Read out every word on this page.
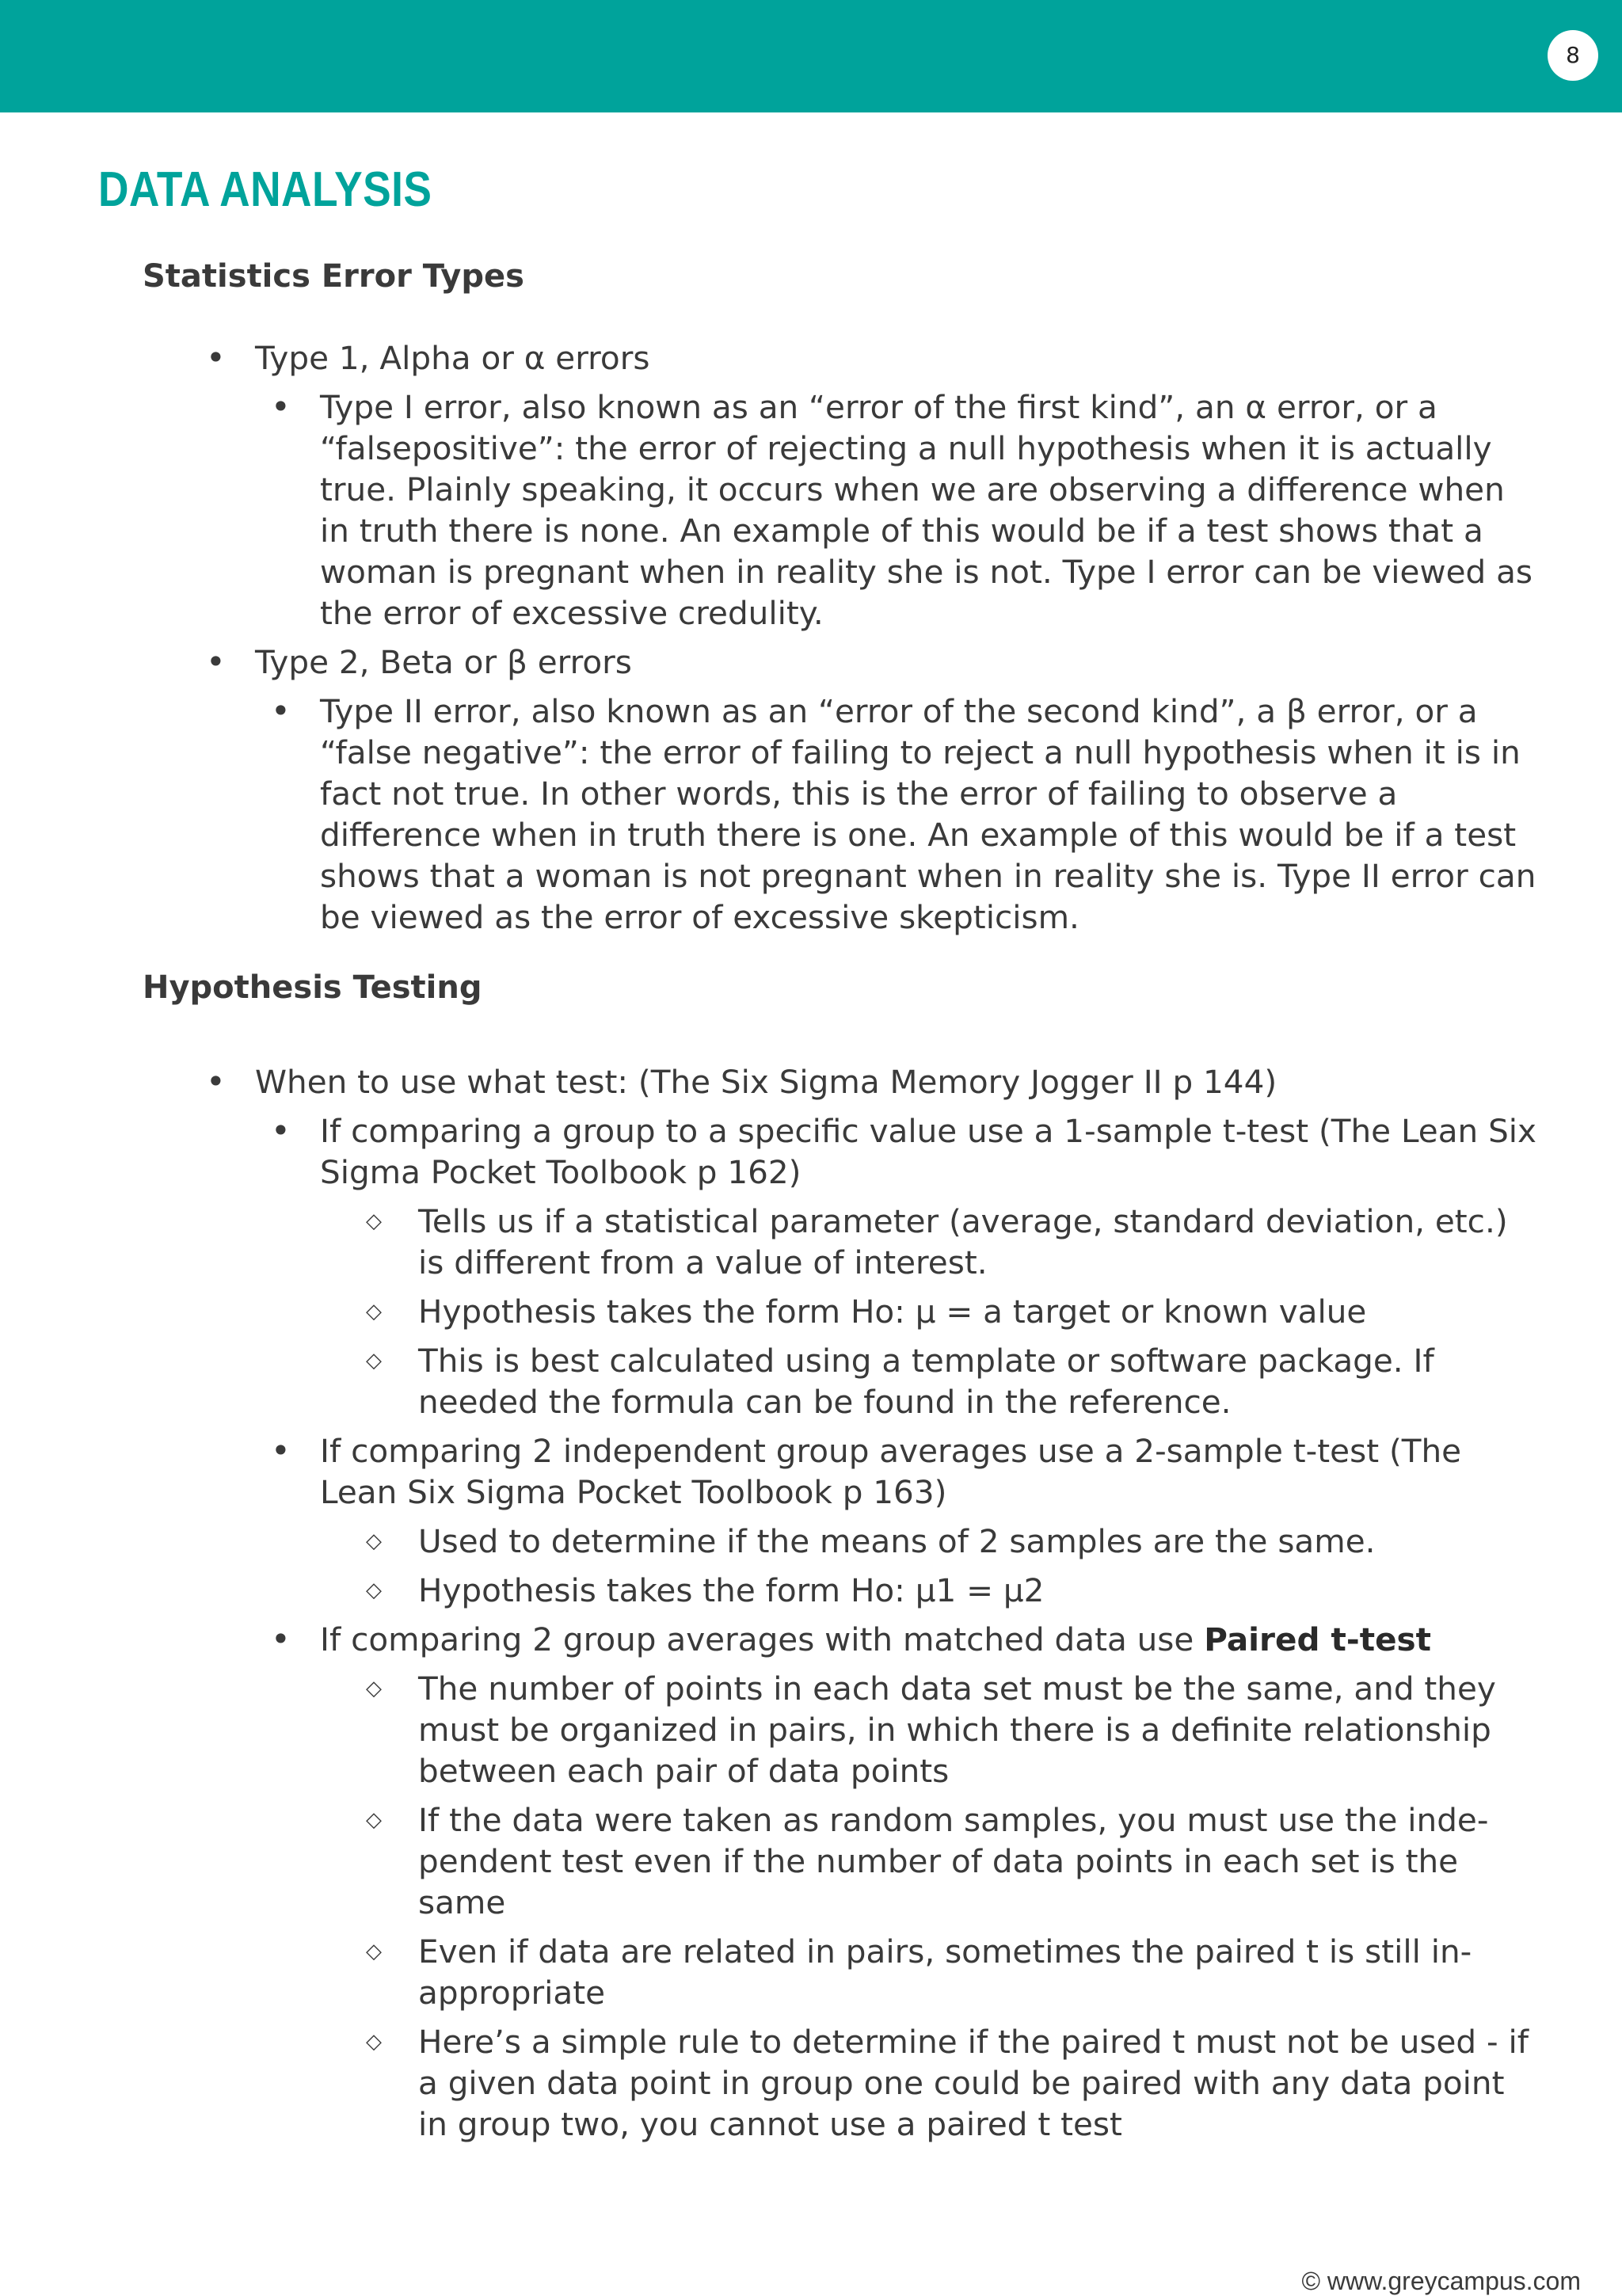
8
DATA ANALYSIS
Statistics Error Types
• Type 1, Alpha or α errors
• Type I error, also known as an “error of the first kind”, an α error, or a “falsepositive”: the error of rejecting a null hypothesis when it is actually true. Plainly speaking, it occurs when we are observing a difference when in truth there is none. An example of this would be if a test shows that a woman is pregnant when in reality she is not. Type I error can be viewed as the error of excessive credulity.
• Type 2, Beta or β errors
• Type II error, also known as an “error of the second kind”, a β error, or a “false negative”: the error of failing to reject a null hypothesis when it is in fact not true. In other words, this is the error of failing to observe a difference when in truth there is one. An example of this would be if a test shows that a woman is not pregnant when in reality she is. Type II error can be viewed as the error of excessive skepticism.
Hypothesis Testing
• When to use what test: (The Six Sigma Memory Jogger II p 144)
• If comparing a group to a specific value use a 1-sample t-test (The Lean Six Sigma Pocket Toolbook p 162)
◇ Tells us if a statistical parameter (average, standard deviation, etc.) is different from a value of interest.
◇ Hypothesis takes the form Ho: μ = a target or known value
◇ This is best calculated using a template or software package. If needed the formula can be found in the reference.
• If comparing 2 independent group averages use a 2-sample t-test (The Lean Six Sigma Pocket Toolbook p 163)
◇ Used to determine if the means of 2 samples are the same.
◇ Hypothesis takes the form Ho: μ1 = μ2
• If comparing 2 group averages with matched data use Paired t-test
◇ The number of points in each data set must be the same, and they must be organized in pairs, in which there is a definite relationship between each pair of data points
◇ If the data were taken as random samples, you must use the inde-pendent test even if the number of data points in each set is the same
◇ Even if data are related in pairs, sometimes the paired t is still in-appropriate
◇ Here’s a simple rule to determine if the paired t must not be used - if a given data point in group one could be paired with any data point in group two, you cannot use a paired t test

© www.greycampus.com
